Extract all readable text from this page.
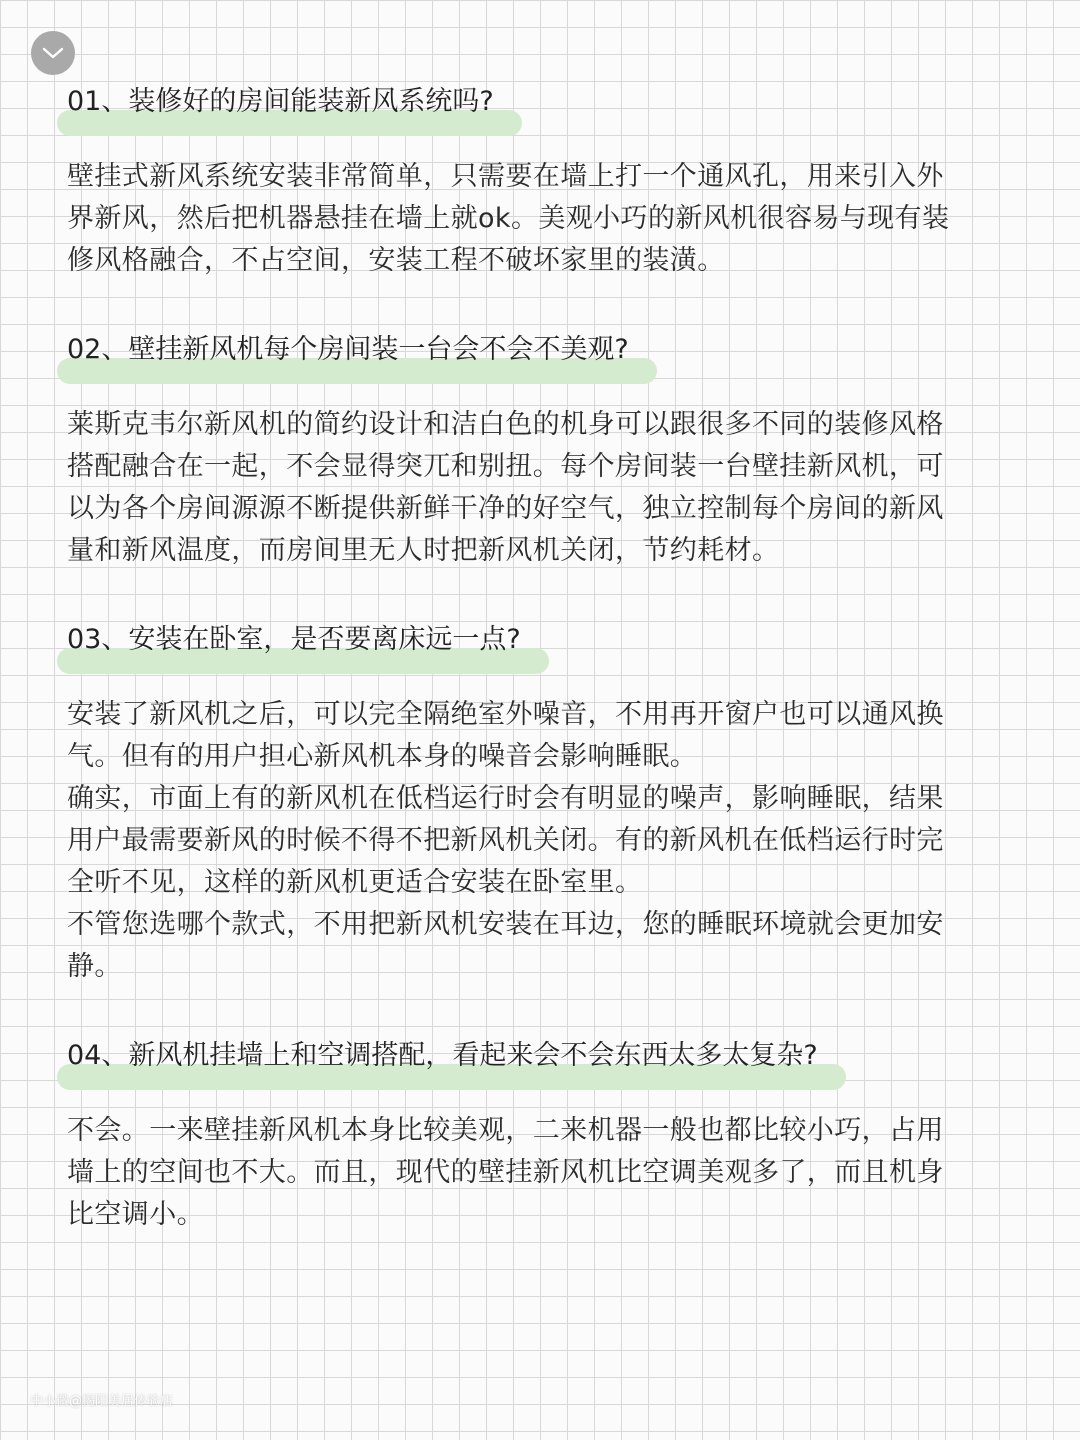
01、装修好的房间能装新风系统吗?

壁挂式新风系统安装非常简单，只需要在墙上打一个通风孔，用来引入外界新风，然后把机器悬挂在墙上就ok。美观小巧的新风机很容易与现有装修风格融合，不占空间，安装工程不破坏家里的装潢。

02、壁挂新风机每个房间装一台会不会不美观?

莱斯克韦尔新风机的简约设计和洁白色的机身可以跟很多不同的装修风格搭配融合在一起，不会显得突兀和别扭。每个房间装一台壁挂新风机，可以为各个房间源源不断提供新鲜干净的好空气，独立控制每个房间的新风量和新风温度，而房间里无人时把新风机关闭，节约耗材。

03、安装在卧室，是否要离床远一点?

安装了新风机之后，可以完全隔绝室外噪音，不用再开窗户也可以通风换气。但有的用户担心新风机本身的噪音会影响睡眠。

确实，市面上有的新风机在低档运行时会有明显的噪声，影响睡眠，结果用户最需要新风的时候不得不把新风机关闭。有的新风机在低档运行时完全听不见，这样的新风机更适合安装在卧室里。

不管您选哪个款式，不用把新风机安装在耳边，您的睡眠环境就会更加安静。

04、新风机挂墙上和空调搭配，看起来会不会东西太多太复杂?

不会。一来壁挂新风机本身比较美观，二来机器一般也都比较小巧，占用墙上的空间也不大。而且，现代的壁挂新风机比空调美观多了，而且机身比空调小。

中小微@揭阳美居体验店
